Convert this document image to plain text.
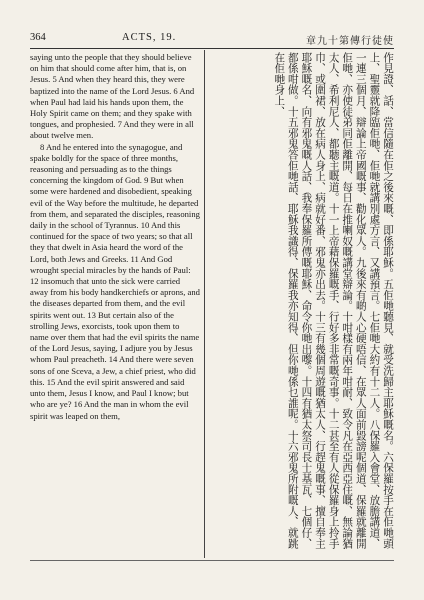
364	ACTS, 19.	章九十第傳行徒使

saying unto the people that they should believe on him that should come after him, that is, on Jesus. 5 And when they heard this, they were baptized into the name of the Lord Jesus. 6 And when Paul had laid his hands upon them, the Holy Spirit came on them; and they spake with tongues, and prophesied. 7 And they were in all about twelve men.

8 And he entered into the synagogue, and spake boldly for the space of three months, reasoning and persuading as to the things concerning the kingdom of God. 9 But when some were hardened and disobedient, speaking evil of the Way before the multitude, he departed from them, and separated the disciples, reasoning daily in the school of Tyrannus. 10 And this continued for the space of two years; so that all they that dwelt in Asia heard the word of the Lord, both Jews and Greeks. 11 And God wrought special miracles by the hands of Paul: 12 insomuch that unto the sick were carried away from his body handkerchiefs or aprons, and the diseases departed from them, and the evil spirits went out. 13 But certain also of the strolling Jews, exorcists, took upon them to name over them that had the evil spirits the name of the Lord Jesus, saying, I adjure you by Jesus whom Paul preacheth. 14 And there were seven sons of one Sceva, a Jew, a chief priest, who did this. 15 And the evil spirit answered and said unto them, Jesus I know, and Paul I know; but who are ye? 16 And the man in whom the evil spirit was leaped on them,	作見證、話、當信隨在佢之後來嘅、即係耶穌。五佢哋聽見、就受洗歸主耶穌嘅名。六保羅按手在佢哋頭上、聖靈就降臨佢哋、佢哋就講別處方言、又講預言。七佢哋大約有十二人。八保羅入會堂、放膽講道、一連三個月、辯論上帝國嘅事、勸化眾人。九後來有啲人心硬唔信、在眾人面前毀謗呢個道、保羅就離開佢哋、亦使徒弟同佢離開、每日在推喇奴嘅講堂辯論。十咁樣有兩年咁耐、致令凡在亞西亞住嘅、無論猶太人、希利尼人、都聽主嘅道。十一上帝藉保羅嘅手、行好多非常嘅奇事。十二甚至有人從保羅身上拎手巾、或圍裙、放在病人身上、病就好番、邪鬼亦出去。十三有幾個周遊嘅猶太人、行趕鬼嘅事、擅自奉主耶穌嘅名、向有邪鬼嘅人話、我奉保羅所傳嘅耶穌、命令你哋出嚟。十四有猶太祭司長士基瓦、七個仔、都係咁做。十五邪鬼答佢哋話、耶穌我識得、保羅我亦知得、但你哋係乜誰呢。十六邪鬼所附嘅人、就跳在佢哋身上、
